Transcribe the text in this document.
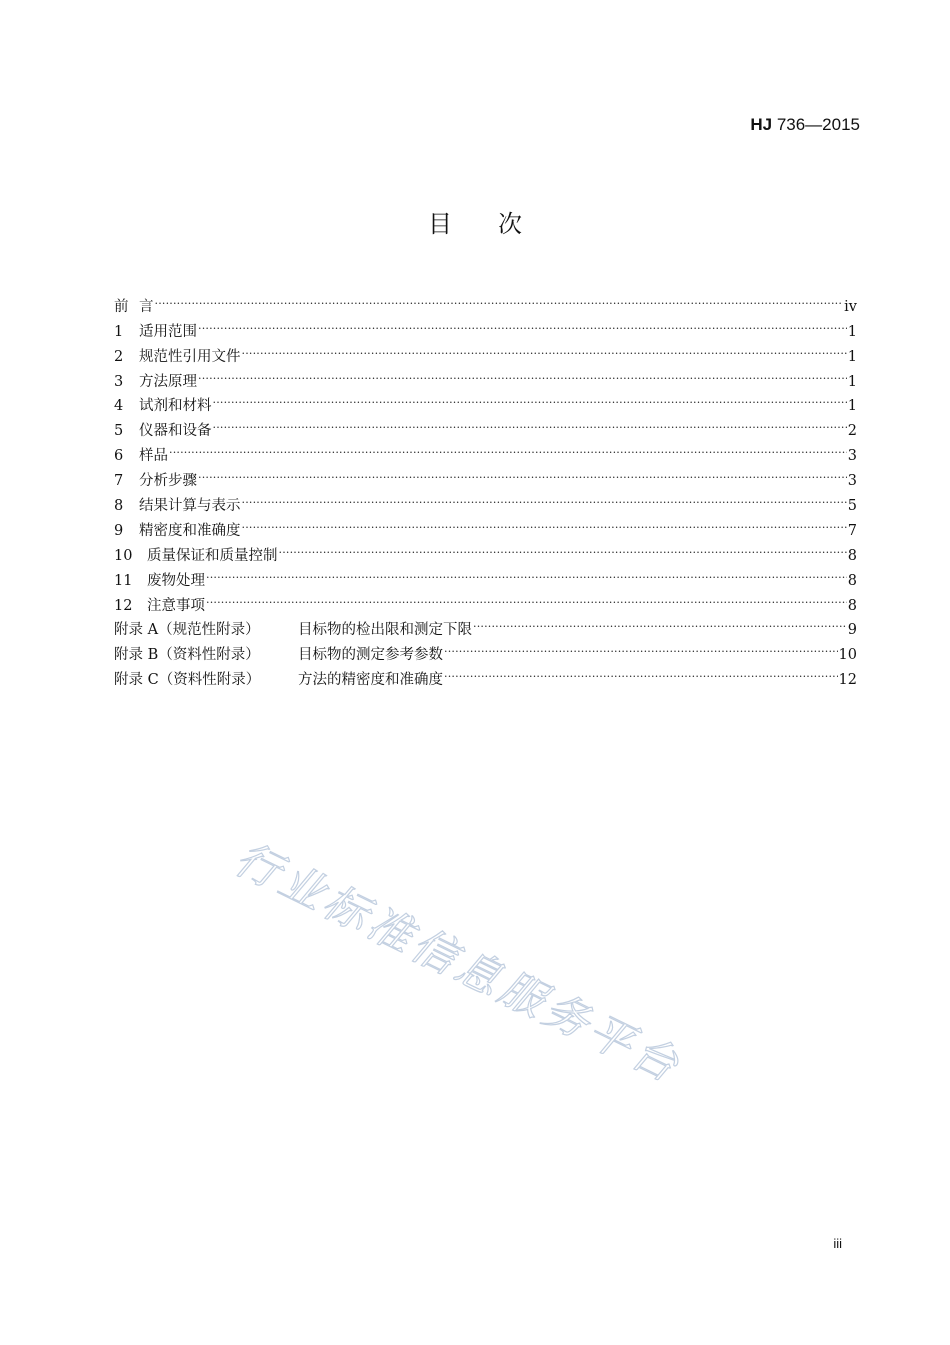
HJ 736—2015
目 次
前 言 .....	iv
1	适用范围 .....	1
2	规范性引用文件 .....	1
3	方法原理 .....	1
4	试剂和材料 .....	1
5	仪器和设备 .....	2
6	样品 .....	3
7	分析步骤 .....	3
8	结果计算与表示 .....	5
9	精密度和准确度 .....	7
10	质量保证和质量控制 .....	8
11	废物处理 .....	8
12	注意事项 .....	8
附录 A（规范性附录）	目标物的检出限和测定下限 .....	9
附录 B（资料性附录）	目标物的测定参考参数 .....	10
附录 C（资料性附录）	方法的精密度和准确度 .....	12
行业标准信息服务平台
iii
